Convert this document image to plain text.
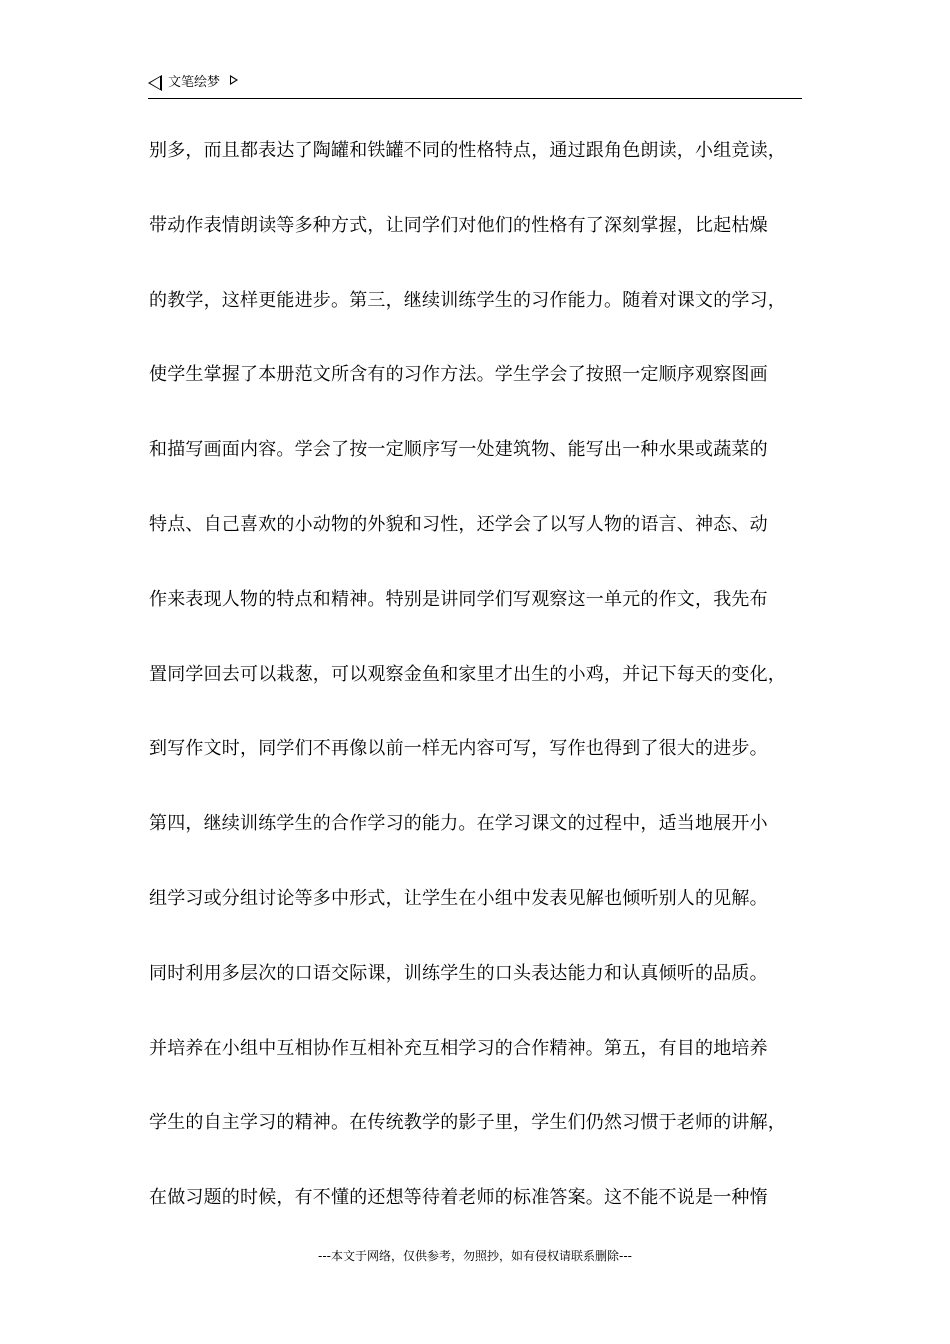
文笔绘梦
别多，而且都表达了陶罐和铁罐不同的性格特点，通过跟角色朗读，小组竞读，
带动作表情朗读等多种方式，让同学们对他们的性格有了深刻掌握，比起枯燥
的教学，这样更能进步。第三，继续训练学生的习作能力。随着对课文的学习，
使学生掌握了本册范文所含有的习作方法。学生学会了按照一定顺序观察图画
和描写画面内容。学会了按一定顺序写一处建筑物、能写出一种水果或蔬菜的
特点、自己喜欢的小动物的外貌和习性，还学会了以写人物的语言、神态、动
作来表现人物的特点和精神。特别是讲同学们写观察这一单元的作文，我先布
置同学回去可以栽葱，可以观察金鱼和家里才出生的小鸡，并记下每天的变化，
到写作文时，同学们不再像以前一样无内容可写，写作也得到了很大的进步。
第四，继续训练学生的合作学习的能力。在学习课文的过程中，适当地展开小
组学习或分组讨论等多中形式，让学生在小组中发表见解也倾听别人的见解。
同时利用多层次的口语交际课，训练学生的口头表达能力和认真倾听的品质。
并培养在小组中互相协作互相补充互相学习的合作精神。第五，有目的地培养
学生的自主学习的精神。在传统教学的影子里，学生们仍然习惯于老师的讲解，
在做习题的时候，有不懂的还想等待着老师的标准答案。这不能不说是一种惰
---本文于网络，仅供参考，勿照抄，如有侵权请联系删除---
